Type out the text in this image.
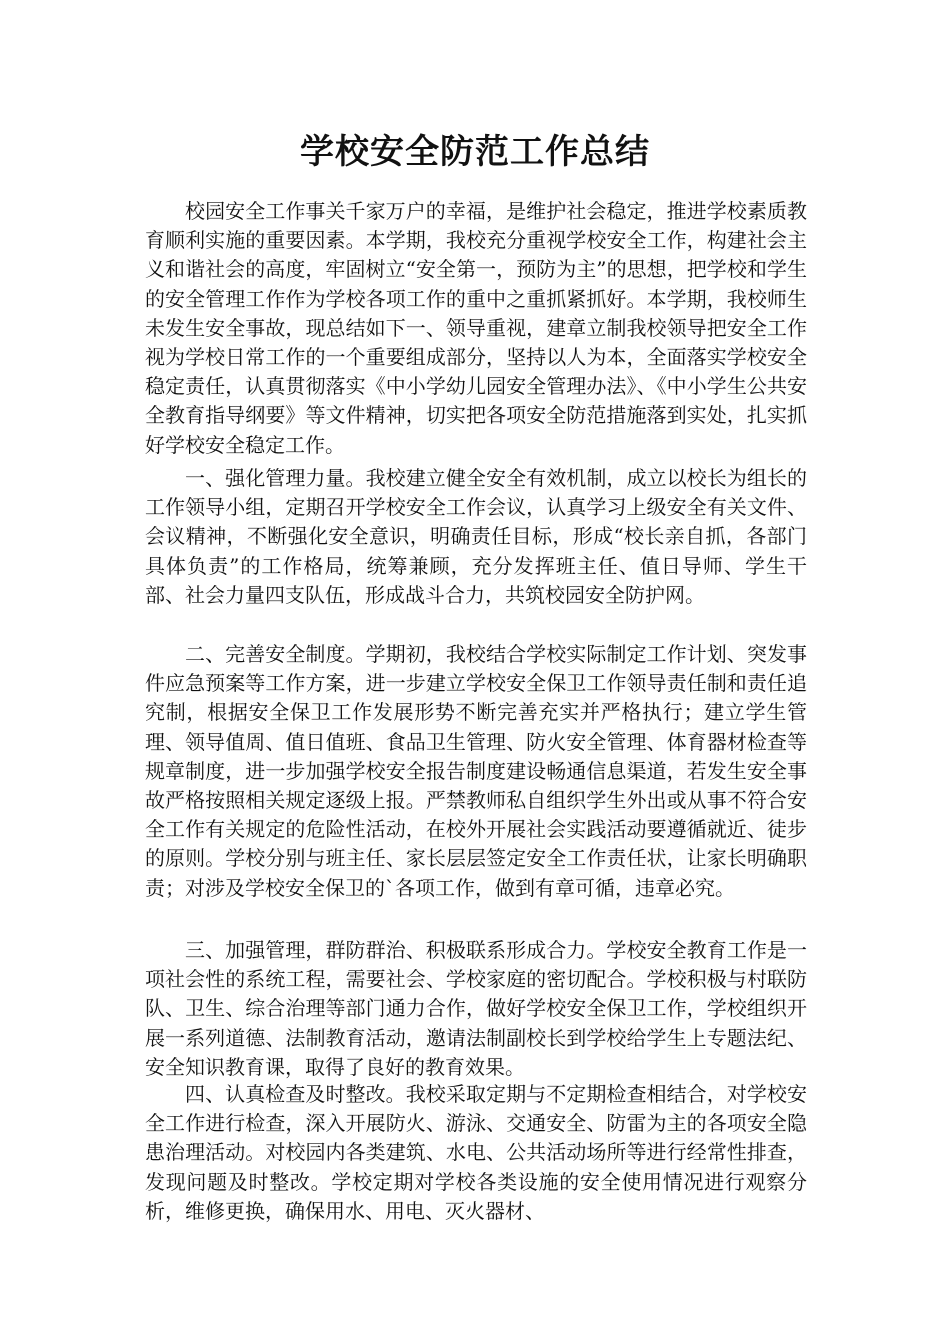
学校安全防范工作总结

校园安全工作事关千家万户的幸福，是维护社会稳定，推进学校素质教育顺利实施的重要因素。本学期，我校充分重视学校安全工作，构建社会主义和谐社会的高度，牢固树立“安全第一，预防为主”的思想，把学校和学生的安全管理工作作为学校各项工作的重中之重抓紧抓好。本学期，我校师生未发生安全事故，现总结如下一、领导重视，建章立制我校领导把安全工作视为学校日常工作的一个重要组成部分，坚持以人为本，全面落实学校安全稳定责任，认真贯彻落实《中小学幼儿园安全管理办法》、《中小学生公共安全教育指导纲要》等文件精神，切实把各项安全防范措施落到实处，扎实抓好学校安全稳定工作。

一、强化管理力量。我校建立健全安全有效机制，成立以校长为组长的工作领导小组，定期召开学校安全工作会议，认真学习上级安全有关文件、会议精神，不断强化安全意识，明确责任目标，形成“校长亲自抓，各部门具体负责”的工作格局，统筹兼顾，充分发挥班主任、值日导师、学生干部、社会力量四支队伍，形成战斗合力，共筑校园安全防护网。

二、完善安全制度。学期初，我校结合学校实际制定工作计划、突发事件应急预案等工作方案，进一步建立学校安全保卫工作领导责任制和责任追究制，根据安全保卫工作发展形势不断完善充实并严格执行；建立学生管理、领导值周、值日值班、食品卫生管理、防火安全管理、体育器材检查等规章制度，进一步加强学校安全报告制度建设畅通信息渠道，若发生安全事故严格按照相关规定逐级上报。严禁教师私自组织学生外出或从事不符合安全工作有关规定的危险性活动，在校外开展社会实践活动要遵循就近、徒步的原则。学校分别与班主任、家长层层签定安全工作责任状，让家长明确职责；对涉及学校安全保卫的`各项工作，做到有章可循，违章必究。

三、加强管理，群防群治、积极联系形成合力。学校安全教育工作是一项社会性的系统工程，需要社会、学校家庭的密切配合。学校积极与村联防队、卫生、综合治理等部门通力合作，做好学校安全保卫工作，学校组织开展一系列道德、法制教育活动，邀请法制副校长到学校给学生上专题法纪、安全知识教育课，取得了良好的教育效果。

四、认真检查及时整改。我校采取定期与不定期检查相结合，对学校安全工作进行检查，深入开展防火、游泳、交通安全、防雷为主的各项安全隐患治理活动。对校园内各类建筑、水电、公共活动场所等进行经常性排查，发现问题及时整改。学校定期对学校各类设施的安全使用情况进行观察分析，维修更换，确保用水、用电、灭火器材、
